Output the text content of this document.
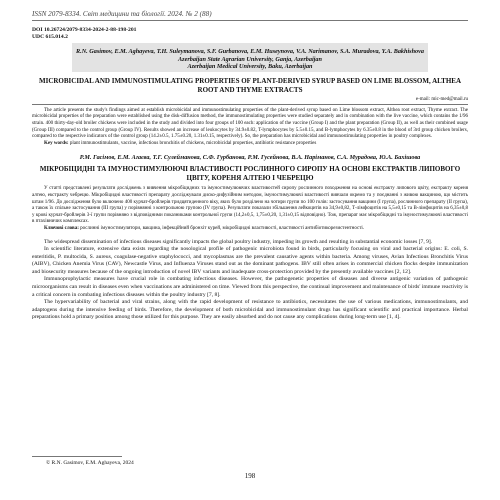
ISSN 2079-8334. Світ медицини та біології. 2024. № 2 (88)
DOI 10.26724/2079-8334-2024-2-88-198-201
UDC 615.014.2
R.N. Gasimov, E.M. Aghayeva, T.H. Suleymanova, S.F. Gurbanova, E.M. Huseynova, V.A. Narimanov, S.A. Muradova, Y.A. Bakhishova
Azerbaijan State Agrarian University, Ganja, Azerbaijan
Azerbaijan Medical University, Baku, Azerbaijan
MICROBICIDAL AND IMMUNOSTIMULATING PROPERTIES OF PLANT-DERIVED SYRUP BASED ON LIME BLOSSOM, ALTHEA ROOT AND THYME EXTRACTS
e-mail: mic-med@mail.ru
The article presents the study's findings aimed at establish microbicidal and immunostimulating properties of the plant-derived syrup based on Lime blossom extract, Althea root extract, Thyme extract. The microbicidal properties of the preparation were established using the disk-diffusion method, the immunostimulating properties were studied separately and in combination with the live vaccine, which contains the 1/96 strain. 400 thirty-day-old broiler chickens were included in the study and divided into four groups of 100 each: application of the vaccine (Group I) and the plant preparation (Group II), as well as their combined usage (Group III) compared to the control group (Group IV). Results showed an increase of leukocytes by 34.9±0.82, T-lymphocytes by 5.5±0.15, and B-lymphocytes by 6.35±0.8 in the blood of 3rd group chicken broilers, compared to the respective indicators of the control group (14.2±0.5, 1.75±0.20, 1.31±0.15, respectively). So, the preparation has microbicidal and immunostimulating properties in poultry complexes.
Key words: plant immunostimulants, vaccine, infectious bronchitis of chickens, microbicidal properties, antibiotic resistance properties
Р.М. Гасімов, Е.М. Агаєва, Т.Г. Сулейманова, С.Ф. Гурбанова, Р.М. Гусейнова, В.А. Наріманов, С.А. Мурадова, Ю.А. Бахішова
МІКРОБІЦИДНІ ТА ІМУНОСТИМУЛЮЮЧІ ВЛАСТИВОСТІ РОСЛИННОГО СИРОПУ НА ОСНОВІ ЕКСТРАКТІВ ЛИПОВОГО ЦВІТУ, КОРЕНЯ АЛТЕЮ І ЧЕБРЕЦЮ
У статті представлені результати досліджень з вивчення мікробіцидних та імуностимулюючих властивостей сиропу рослинного походження на основі екстракту липового цвіту, екстракту кореня алтею, екстракту чебрецю. Мікробіцидні властивості препарату досліджували диско-дифузійним методом, імуностимулюючі властивості вивчали окремо та у поєднанні з живою вакциною, що містить штам 1/96. До дослідження було включено 400 курчат-бройлерів тридцятиденного віку, яких було розділено на чотири групи по 100 голів: застосування вакцини (І група), рослинного препарату (ІІ група), а також їх спільне застосування (ІІІ група) у порівнянні з контрольною групою (IV група). Результати показали збільшення лейкоцитів на 34,9±0,82, Т-лімфоцитів на 5,5±0,15 та В-лімфоцитів на 6,35±0,8 у крові курчат-бройлерів 3-ї групи порівняно з відповідними показниками контрольної групи (14,2±0,5, 1,75±0,20, 1,31±0,15 відповідно). Тож, препарат має мікробіцидні та імуностимулюючі властивості в птахівничих комплексах.
Ключові слова: рослинні імуностимулятори, вакцина, інфекційний бронхіт курей, мікробіцидні властивості, властивості антибіотикорезистентності.

The widespread dissemination of infectious diseases significantly impacts the global poultry industry, impeding its growth and resulting in substantial economic losses [7, 9].

In scientific literature, extensive data exists regarding the nosological profile of pathogenic microbiota found in birds, particularly focusing on viral and bacterial origins: E. coli, S. enteritidis, P. multocida, S. aureus, coagulase-negative staphylococci, and mycoplasmas are the prevalent causative agents within bacteria. Among viruses, Avian Infectious Bronchitis Virus (AIBV), Chicken Anemia Virus (CAV), Newcastle Virus, and Influenza Viruses stand out as the dominant pathogens. IBV still often arises in commercial chicken flocks despite immunization and biosecurity measures because of the ongoing introduction of novel IBV variants and inadequate cross-protection provided by the presently available vaccines [2, 12].

Immunoprophylactic measures have crucial role in combating infectious diseases. However, the pathogenetic properties of diseases and diverse antigenic variation of pathogenic microorganisms can result in diseases even when vaccinations are administered on time. Viewed from this perspective, the continual improvement and maintenance of birds' immune reactivity is a critical concern in combating infectious diseases within the poultry industry [7, 8].

The hypervariability of bacterial and viral strains, along with the rapid development of resistance to antibiotics, necessitates the use of various medications, immunostimulants, and adaptogens during the intensive feeding of birds. Therefore, the development of both microbicidal and immunostimulant drugs has significant scientific and practical importance. Herbal preparations hold a primary position among those utilized for this purpose. They are easily absorbed and do not cause any complications during long-term use [1, 4].

© R.N. Gasimov, E.M. Aghayeva, 2024
198
